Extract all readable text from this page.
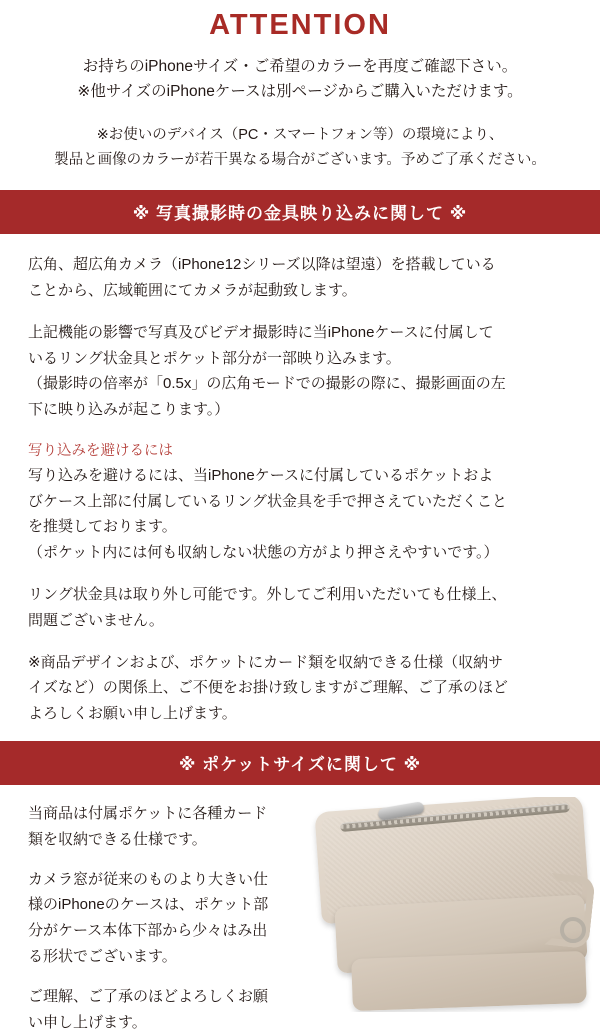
ATTENTION
お持ちのiPhoneサイズ・ご希望のカラーを再度ご確認下さい。
※他サイズのiPhoneケースは別ページからご購入いただけます。
※お使いのデバイス（PC・スマートフォン等）の環境により、
製品と画像のカラーが若干異なる場合がございます。予めご了承ください。
※ 写真撮影時の金具映り込みに関して ※
広角、超広角カメラ（iPhone12シリーズ以降は望遠）を搭載している
ことから、広域範囲にてカメラが起動致します。
上記機能の影響で写真及びビデオ撮影時に当iPhoneケースに付属して
いるリング状金具とポケット部分が一部映り込みます。
（撮影時の倍率が「0.5x」の広角モードでの撮影の際に、撮影画面の左
下に映り込みが起こります。）
写り込みを避けるには
写り込みを避けるには、当iPhoneケースに付属しているポケットおよ
びケース上部に付属しているリング状金具を手で押さえていただくこと
を推奨しております。
（ポケット内には何も収納しない状態の方がより押さえやすいです。）
リング状金具は取り外し可能です。外してご利用いただいても仕様上、
問題ございません。
※商品デザインおよび、ポケットにカード類を収納できる仕様（収納サ
イズなど）の関係上、ご不便をお掛け致しますがご理解、ご了承のほど
よろしくお願い申し上げます。
※ ポケットサイズに関して ※
当商品は付属ポケットに各種カード
類を収納できる仕様です。
カメラ窓が従来のものより大きい仕
様のiPhoneのケースは、ポケット部
分がケース本体下部から少々はみ出
る形状でございます。
ご理解、ご了承のほどよろしくお願
い申し上げます。
